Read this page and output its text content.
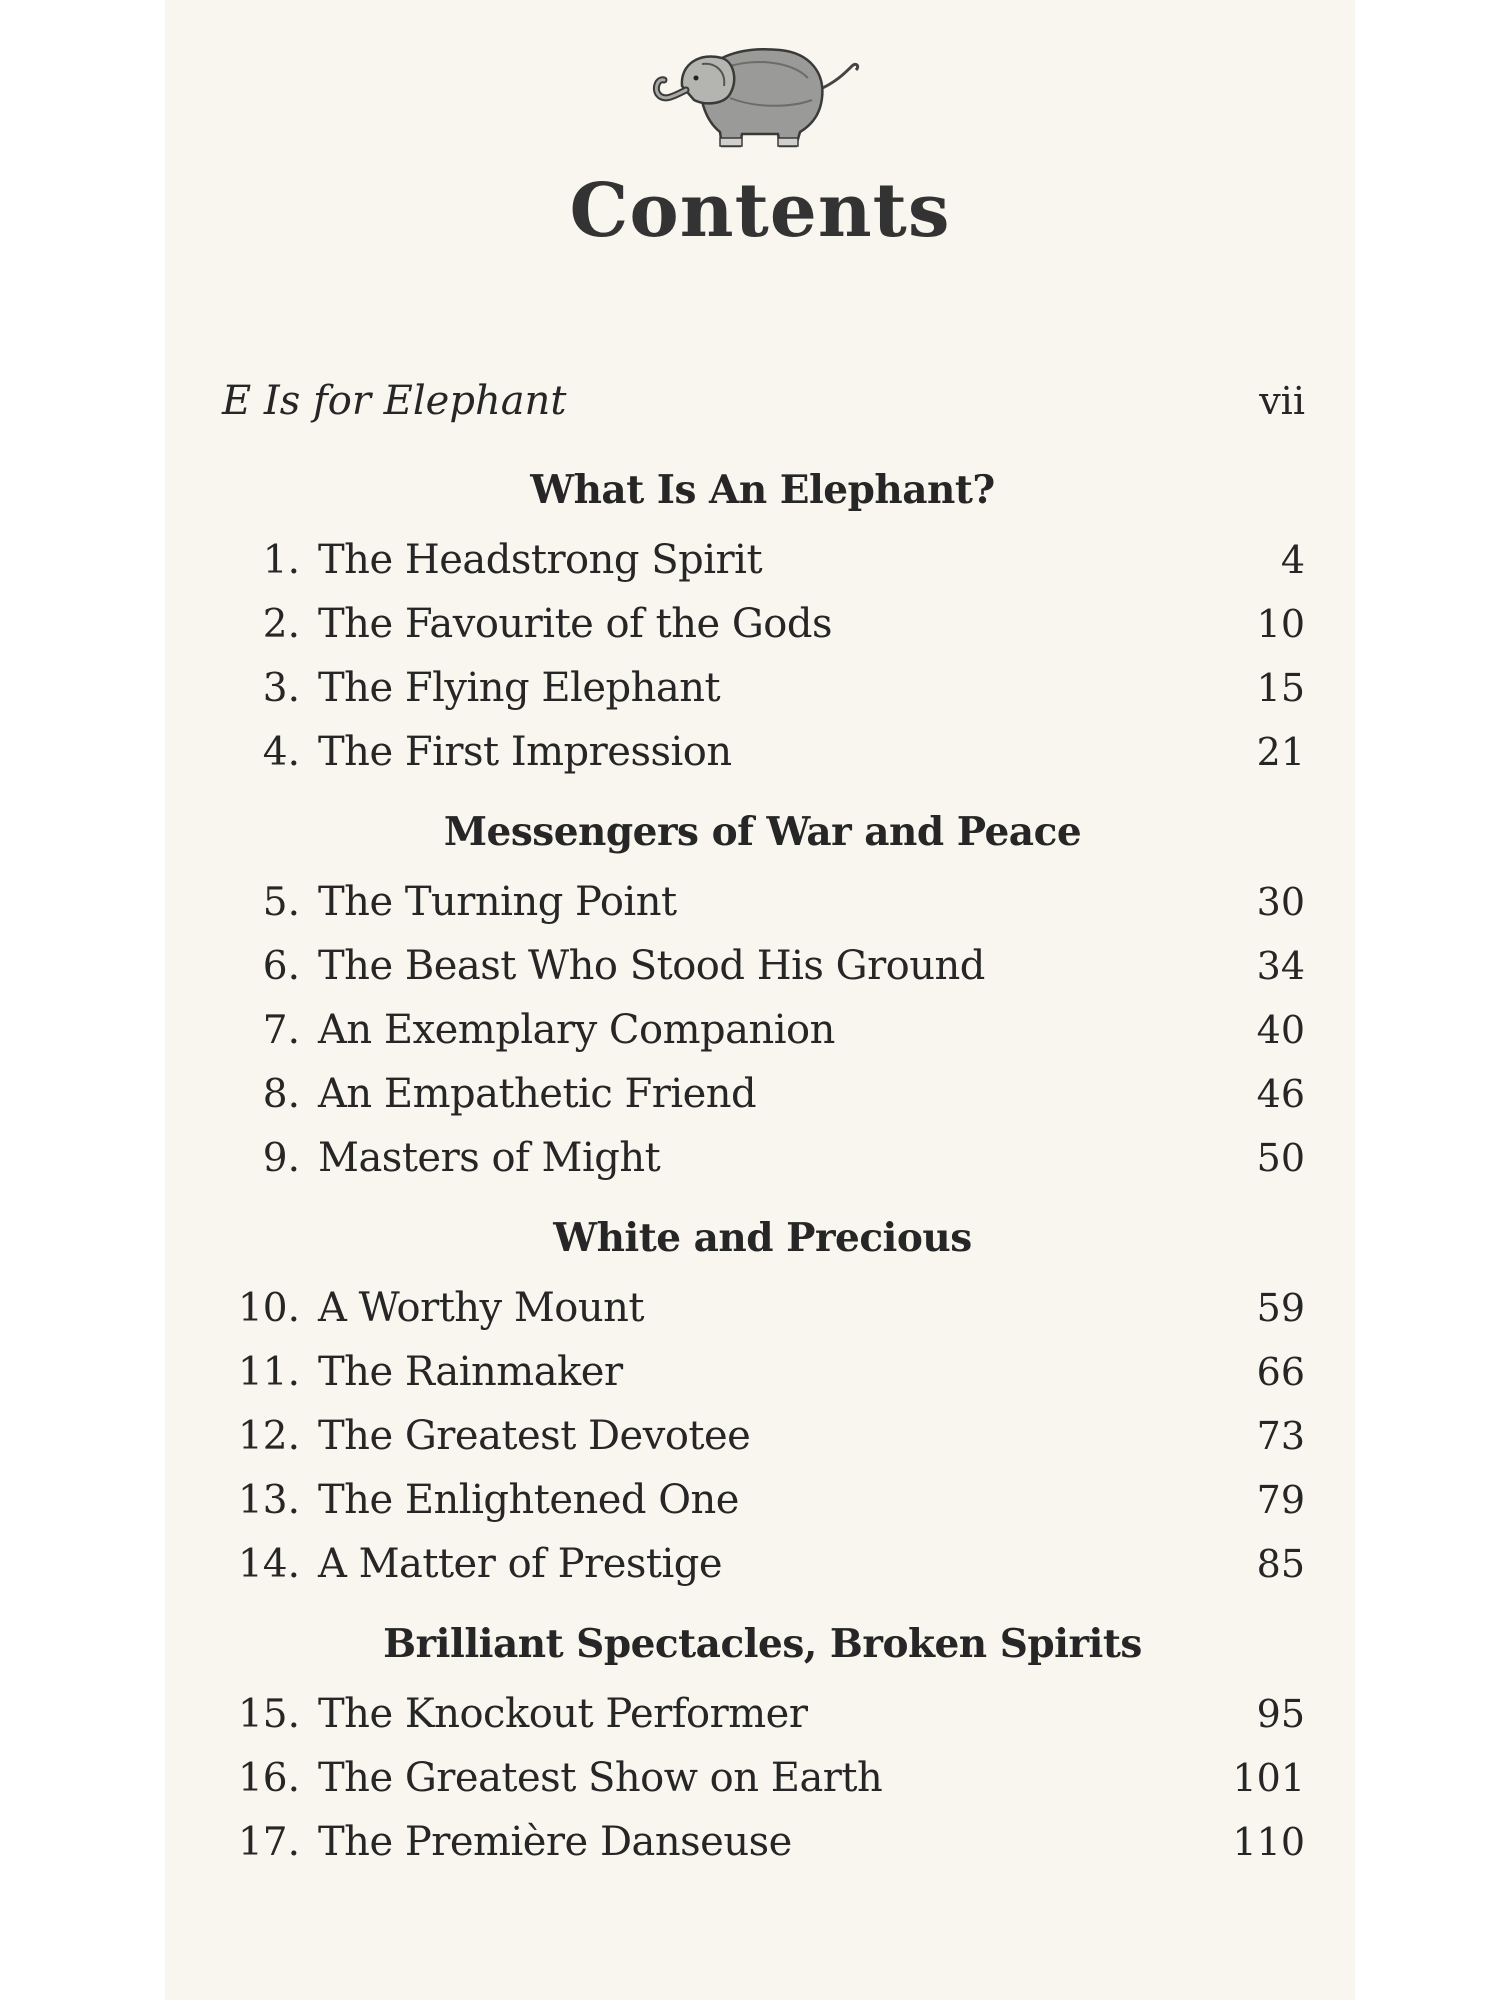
Contents
E Is for Elephant	vii
What Is An Elephant?
1. The Headstrong Spirit	4
2. The Favourite of the Gods	10
3. The Flying Elephant	15
4. The First Impression	21
Messengers of War and Peace
5. The Turning Point	30
6. The Beast Who Stood His Ground	34
7. An Exemplary Companion	40
8. An Empathetic Friend	46
9. Masters of Might	50
White and Precious
10. A Worthy Mount	59
11. The Rainmaker	66
12. The Greatest Devotee	73
13. The Enlightened One	79
14. A Matter of Prestige	85
Brilliant Spectacles, Broken Spirits
15. The Knockout Performer	95
16. The Greatest Show on Earth	101
17. The Première Danseuse	110
